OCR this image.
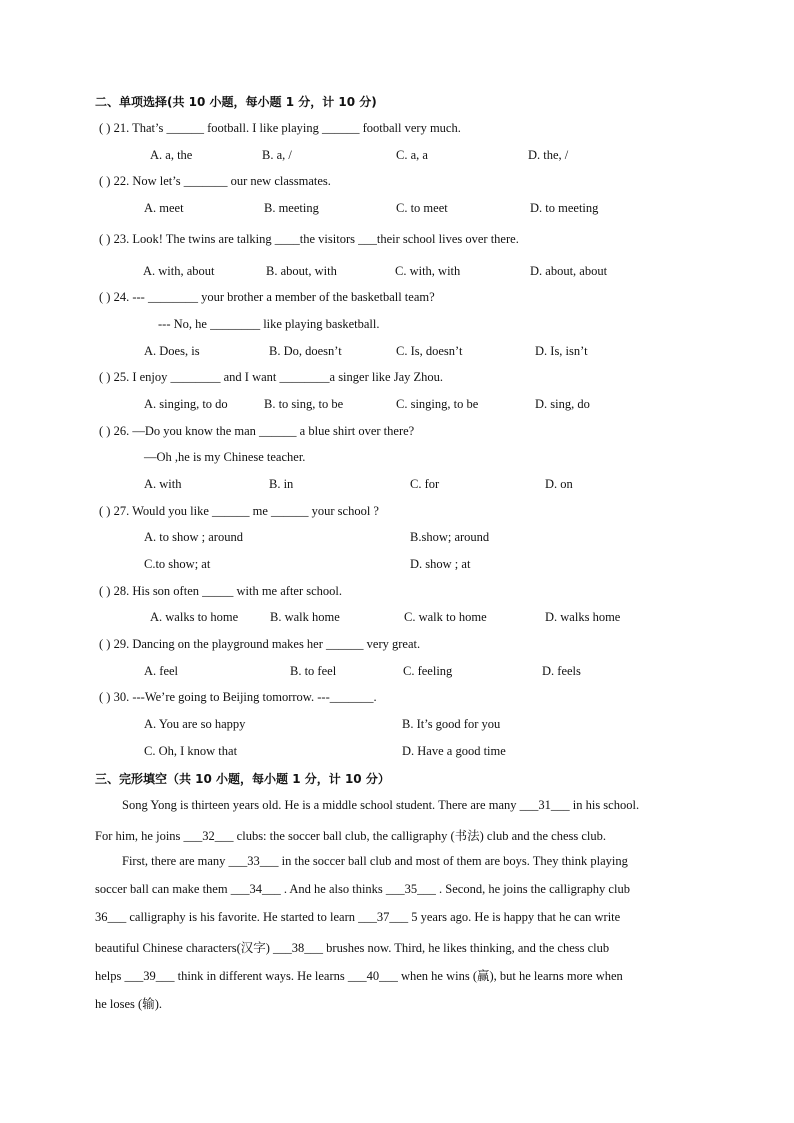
二、单项选择(共 10 小题，每小题 1 分，计 10 分)
( ) 21. That’s ______ football. I like playing ______ football very much.
A. a, the	B. a, /	C. a, a	D. the, /
( ) 22. Now let’s _______ our new classmates.
A. meet	B. meeting	C. to meet	D. to meeting
( ) 23. Look! The twins are talking ____the visitors ___their school lives over there.
A. with, about	B. about, with	C. with, with	D. about, about
( ) 24. --- ________ your brother a member of the basketball team?
--- No, he ________ like playing basketball.
A. Does, is	B. Do, doesn’t	C. Is, doesn’t	D. Is, isn’t
( ) 25. I enjoy ________ and I want ________a singer like Jay Zhou.
A. singing, to do	B. to sing, to be	C. singing, to be	D. sing, do
( ) 26. —Do you know the man ______ a blue shirt over there?
—Oh ,he is my Chinese teacher.
A. with	B. in	C. for	D. on
( ) 27. Would you like ______ me ______ your school ?
A. to show ; around	B.show; around
C.to show; at	D. show ; at
( ) 28. His son often _____ with me after school.
A. walks to home	B. walk home	C. walk to home	D. walks home
( ) 29. Dancing on the playground makes her ______ very great.
A. feel	B. to feel	C. feeling	D. feels
( ) 30. ---We’re going to Beijing tomorrow. ---_______.
A. You are so happy	B. It’s good for you
C. Oh, I know that	D. Have a good time
三、完形填空（共 10 小题，每小题 1 分，计 10 分）
Song Yong is thirteen years old. He is a middle school student. There are many ___31___ in his school.
For him, he joins ___32___ clubs: the soccer ball club, the calligraphy (书法) club and the chess club.
First, there are many ___33___ in the soccer ball club and most of them are boys. They think playing
soccer ball can make them ___34___ . And he also thinks ___35___ . Second, he joins the calligraphy club
36___ calligraphy is his favorite. He started to learn ___37___ 5 years ago. He is happy that he can write
beautiful Chinese characters(汉字) ___38___ brushes now. Third, he likes thinking, and the chess club
helps ___39___ think in different ways. He learns ___40___ when he wins (赢), but he learns more when
he loses (输).
